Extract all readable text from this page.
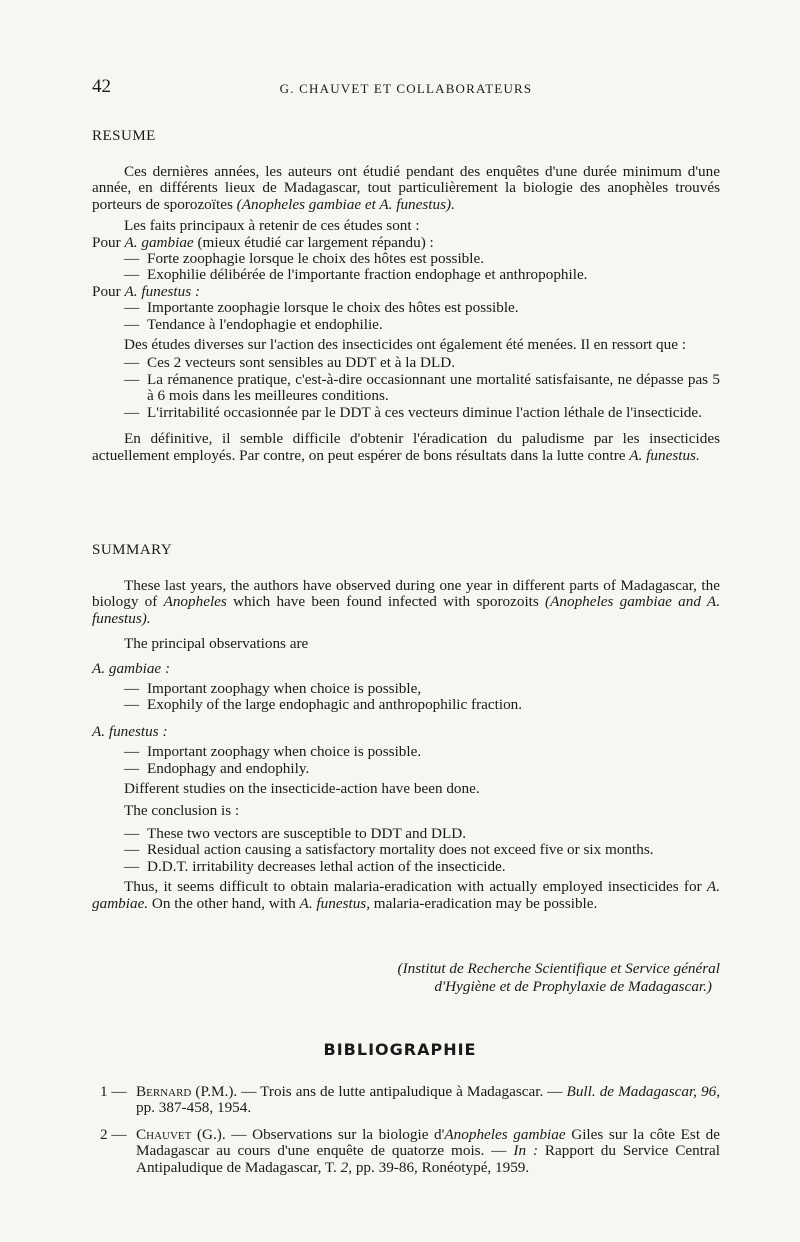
42	G. CHAUVET ET COLLABORATEURS
RESUME

Ces dernières années, les auteurs ont étudié pendant des enquêtes d'une durée minimum d'une année, en différents lieux de Madagascar, tout particulièrement la biologie des anophèles trouvés porteurs de sporozoïtes (Anopheles gambiae et A. funestus).

Les faits principaux à retenir de ces études sont :

Pour A. gambiae (mieux étudié car largement répandu) :

— Forte zoophagie lorsque le choix des hôtes est possible.

— Exophilie délibérée de l'importante fraction endophage et anthropophile.

Pour A. funestus :

— Importante zoophagie lorsque le choix des hôtes est possible.

— Tendance à l'endophagie et endophilie.

Des études diverses sur l'action des insecticides ont également été menées. Il en ressort que :

— Ces 2 vecteurs sont sensibles au DDT et à la DLD.

— La rémanence pratique, c'est-à-dire occasionnant une mortalité satisfaisante, ne dépasse pas 5 à 6 mois dans les meilleures conditions.

— L'irritabilité occasionnée par le DDT à ces vecteurs diminue l'action léthale de l'insecticide.

En définitive, il semble difficile d'obtenir l'éradication du paludisme par les insecticides actuellement employés. Par contre, on peut espérer de bons résultats dans la lutte contre A. funestus.

SUMMARY

These last years, the authors have observed during one year in different parts of Madagascar, the biology of Anopheles which have been found infected with sporozoits (Anopheles gambiae and A. funestus).

The principal observations are

A. gambiae :

— Important zoophagy when choice is possible,

— Exophily of the large endophagic and anthropophilic fraction.

A. funestus :

— Important zoophagy when choice is possible.

— Endophagy and endophily.

Different studies on the insecticide-action have been done.

The conclusion is :

— These two vectors are susceptible to DDT and DLD.

— Residual action causing a satisfactory mortality does not exceed five or six months.

— D.D.T. irritability decreases lethal action of the insecticide.

Thus, it seems difficult to obtain malaria-eradication with actually employed insecticides for A. gambiae. On the other hand, with A. funestus, malaria-eradication may be possible.

(Institut de Recherche Scientifique et Service général
d'Hygiène et de Prophylaxie de Madagascar.)
BIBLIOGRAPHIE

1 — Bernard (P.M.). — Trois ans de lutte antipaludique à Madagascar. — Bull. de Madagascar, 96, pp. 387-458, 1954.

2 — Chauvet (G.). — Observations sur la biologie d'Anopheles gambiae Giles sur la côte Est de Madagascar au cours d'une enquête de quatorze mois. — In : Rapport du Service Central Antipaludique de Madagascar, T. 2, pp. 39-86, Ronéotypé, 1959.
